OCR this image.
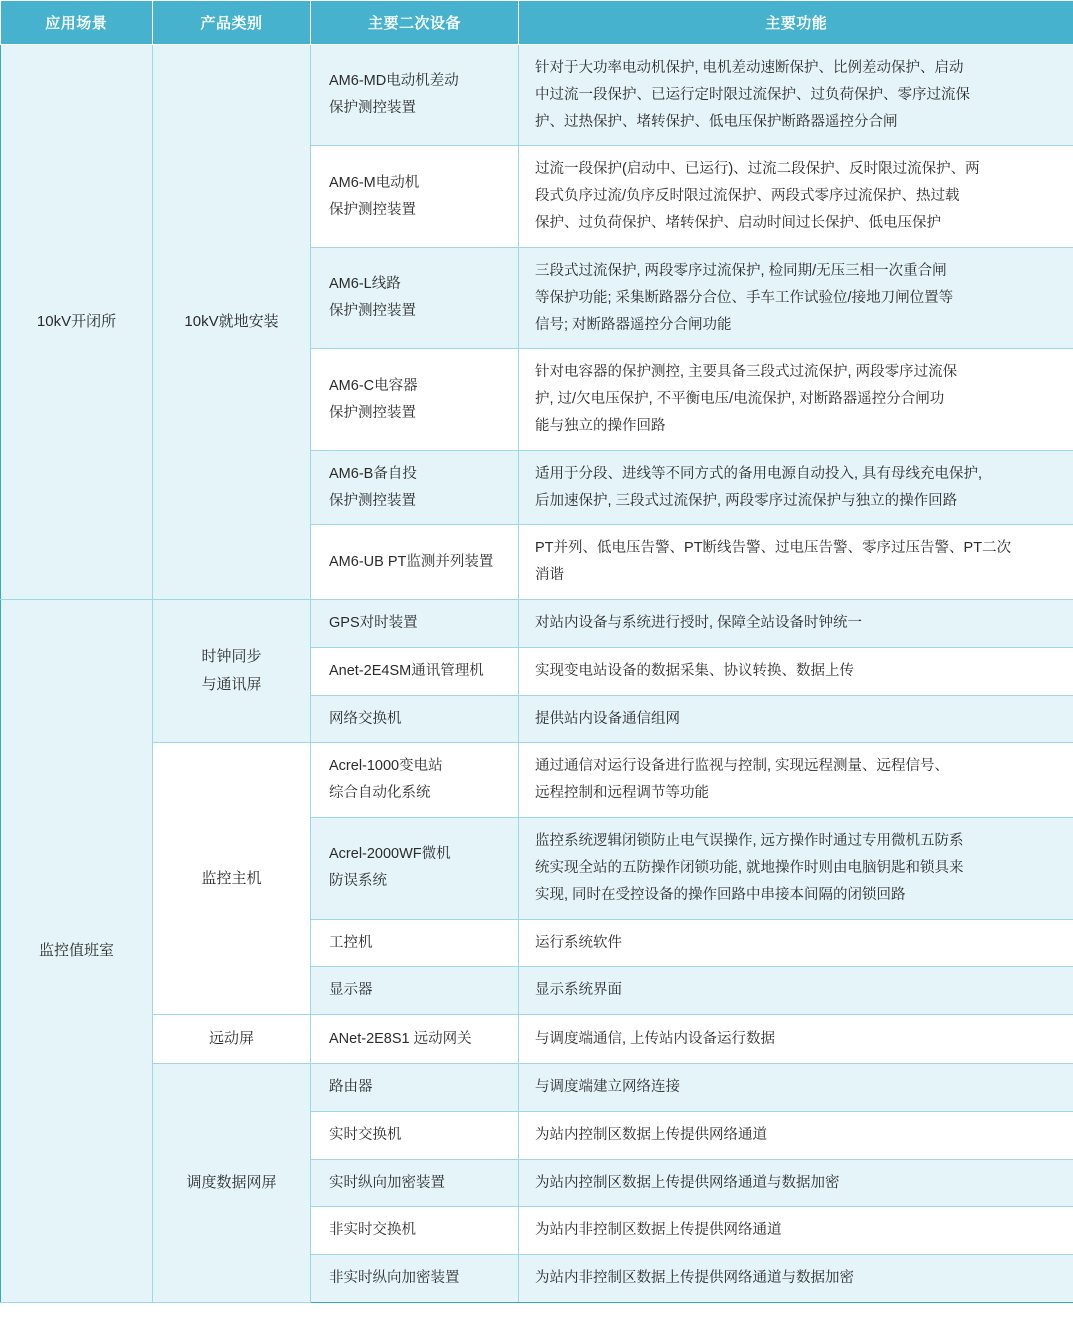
应用场景	产品类别	主要二次设备	主要功能
10kV开闭所	10kV就地安装	AM6-MD电动机差动
保护测控装置	针对于大功率电动机保护, 电机差动速断保护、比例差动保护、启动
中过流一段保护、已运行定时限过流保护、过负荷保护、零序过流保
护、过热保护、堵转保护、低电压保护断路器遥控分合闸

		AM6-M电动机
保护测控装置	过流一段保护(启动中、已运行)、过流二段保护、反时限过流保护、两
段式负序过流/负序反时限过流保护、两段式零序过流保护、热过载
保护、过负荷保护、堵转保护、启动时间过长保护、低电压保护

		AM6-L线路
保护测控装置	三段式过流保护, 两段零序过流保护, 检同期/无压三相一次重合闸
等保护功能; 采集断路器分合位、手车工作试验位/接地刀闸位置等
信号; 对断路器遥控分合闸功能

		AM6-C电容器
保护测控装置	针对电容器的保护测控, 主要具备三段式过流保护, 两段零序过流保
护, 过/欠电压保护, 不平衡电压/电流保护, 对断路器遥控分合闸功
能与独立的操作回路

		AM6-B备自投
保护测控装置	适用于分段、进线等不同方式的备用电源自动投入, 具有母线充电保护,
后加速保护, 三段式过流保护, 两段零序过流保护与独立的操作回路

		AM6-UB PT监测并列装置	PT并列、低电压告警、PT断线告警、过电压告警、零序过压告警、PT二次
消谐

监控值班室	时钟同步
与通讯屏	GPS对时装置	对站内设备与系统进行授时, 保障全站设备时钟统一

		Anet-2E4SM通讯管理机	实现变电站设备的数据采集、协议转换、数据上传

		网络交换机	提供站内设备通信组网

	监控主机	Acrel-1000变电站
综合自动化系统	通过通信对运行设备进行监视与控制, 实现远程测量、远程信号、
远程控制和远程调节等功能

		Acrel-2000WF微机
防误系统	监控系统逻辑闭锁防止电气误操作, 远方操作时通过专用微机五防系
统实现全站的五防操作闭锁功能, 就地操作时则由电脑钥匙和锁具来
实现, 同时在受控设备的操作回路中串接本间隔的闭锁回路

		工控机	运行系统软件

		显示器	显示系统界面

	远动屏	ANet-2E8S1 远动网关	与调度端通信, 上传站内设备运行数据

	调度数据网屏	路由器	与调度端建立网络连接

		实时交换机	为站内控制区数据上传提供网络通道

		实时纵向加密装置	为站内控制区数据上传提供网络通道与数据加密

		非实时交换机	为站内非控制区数据上传提供网络通道

		非实时纵向加密装置	为站内非控制区数据上传提供网络通道与数据加密
